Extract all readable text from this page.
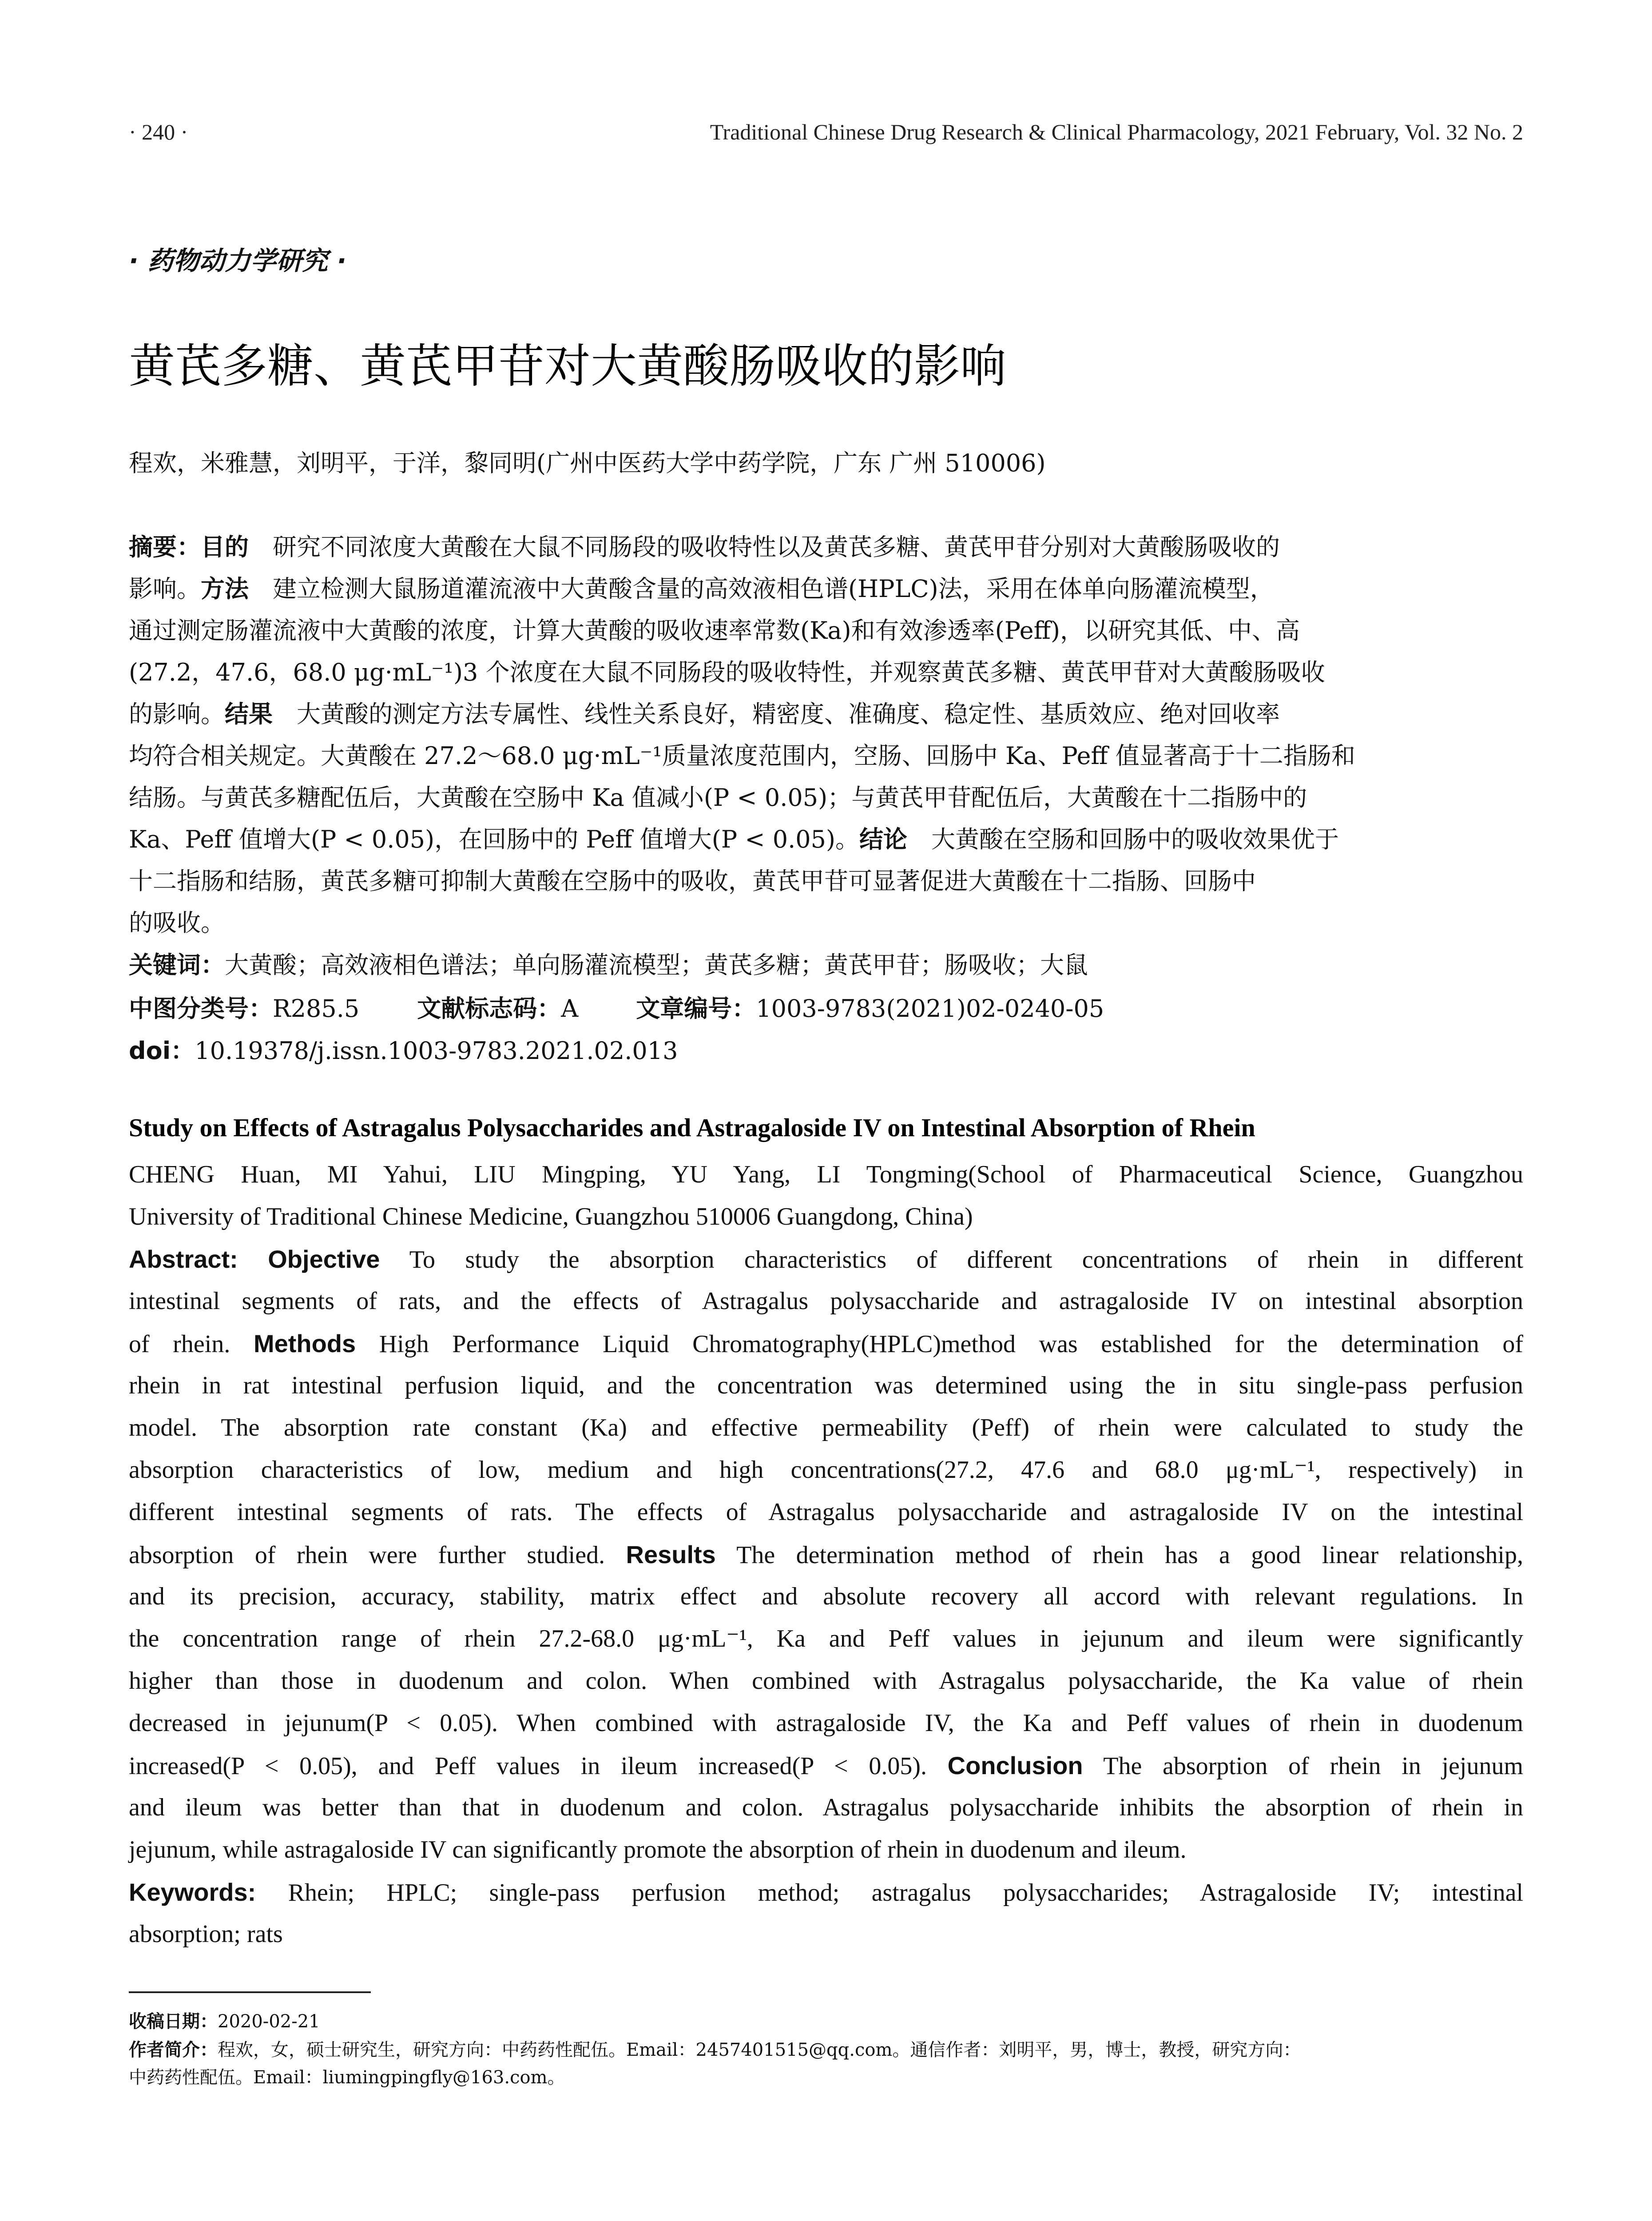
· 240 ·	Traditional Chinese Drug Research & Clinical Pharmacology, 2021 February, Vol. 32 No. 2
· 药物动力学研究 ·
黄芪多糖、黄芪甲苷对大黄酸肠吸收的影响
程欢，米雅慧，刘明平，于洋，黎同明(广州中医药大学中药学院，广东 广州 510006)
摘要：目的　研究不同浓度大黄酸在大鼠不同肠段的吸收特性以及黄芪多糖、黄芪甲苷分别对大黄酸肠吸收的
影响。方法　建立检测大鼠肠道灌流液中大黄酸含量的高效液相色谱(HPLC)法，采用在体单向肠灌流模型，
通过测定肠灌流液中大黄酸的浓度，计算大黄酸的吸收速率常数(Ka)和有效渗透率(Peff)，以研究其低、中、高
(27.2，47.6，68.0 μg·mL⁻¹)3 个浓度在大鼠不同肠段的吸收特性，并观察黄芪多糖、黄芪甲苷对大黄酸肠吸收
的影响。结果　大黄酸的测定方法专属性、线性关系良好，精密度、准确度、稳定性、基质效应、绝对回收率
均符合相关规定。大黄酸在 27.2～68.0 μg·mL⁻¹质量浓度范围内，空肠、回肠中 Ka、Peff 值显著高于十二指肠和
结肠。与黄芪多糖配伍后，大黄酸在空肠中 Ka 值减小(P < 0.05)；与黄芪甲苷配伍后，大黄酸在十二指肠中的
Ka、Peff 值增大(P < 0.05)，在回肠中的 Peff 值增大(P < 0.05)。结论　大黄酸在空肠和回肠中的吸收效果优于
十二指肠和结肠，黄芪多糖可抑制大黄酸在空肠中的吸收，黄芪甲苷可显著促进大黄酸在十二指肠、回肠中
的吸收。
关键词：大黄酸；高效液相色谱法；单向肠灌流模型；黄芪多糖；黄芪甲苷；肠吸收；大鼠
中图分类号：R285.5 文献标志码：A 文章编号：1003-9783(2021)02-0240-05
doi：10.19378/j.issn.1003-9783.2021.02.013
Study on Effects of Astragalus Polysaccharides and Astragaloside IV on Intestinal Absorption of Rhein
CHENG Huan, MI Yahui, LIU Mingping, YU Yang, LI Tongming(School of Pharmaceutical Science, Guangzhou
University of Traditional Chinese Medicine, Guangzhou 510006 Guangdong, China)
Abstract: Objective To study the absorption characteristics of different concentrations of rhein in different
intestinal segments of rats, and the effects of Astragalus polysaccharide and astragaloside IV on intestinal absorption
of rhein. Methods High Performance Liquid Chromatography(HPLC)method was established for the determination of
rhein in rat intestinal perfusion liquid, and the concentration was determined using the in situ single-pass perfusion
model. The absorption rate constant (Ka) and effective permeability (Peff) of rhein were calculated to study the
absorption characteristics of low, medium and high concentrations(27.2, 47.6 and 68.0 μg·mL⁻¹, respectively) in
different intestinal segments of rats. The effects of Astragalus polysaccharide and astragaloside IV on the intestinal
absorption of rhein were further studied. Results The determination method of rhein has a good linear relationship,
and its precision, accuracy, stability, matrix effect and absolute recovery all accord with relevant regulations. In
the concentration range of rhein 27.2-68.0 μg·mL⁻¹, Ka and Peff values in jejunum and ileum were significantly
higher than those in duodenum and colon. When combined with Astragalus polysaccharide, the Ka value of rhein
decreased in jejunum(P < 0.05). When combined with astragaloside IV, the Ka and Peff values of rhein in duodenum
increased(P < 0.05), and Peff values in ileum increased(P < 0.05). Conclusion The absorption of rhein in jejunum
and ileum was better than that in duodenum and colon. Astragalus polysaccharide inhibits the absorption of rhein in
jejunum, while astragaloside IV can significantly promote the absorption of rhein in duodenum and ileum.
Keywords: Rhein; HPLC; single-pass perfusion method; astragalus polysaccharides; Astragaloside IV; intestinal
absorption; rats
收稿日期：2020-02-21
作者简介：程欢，女，硕士研究生，研究方向：中药药性配伍。Email：2457401515@qq.com。通信作者：刘明平，男，博士，教授，研究方向：
中药药性配伍。Email：liumingpingfly@163.com。
